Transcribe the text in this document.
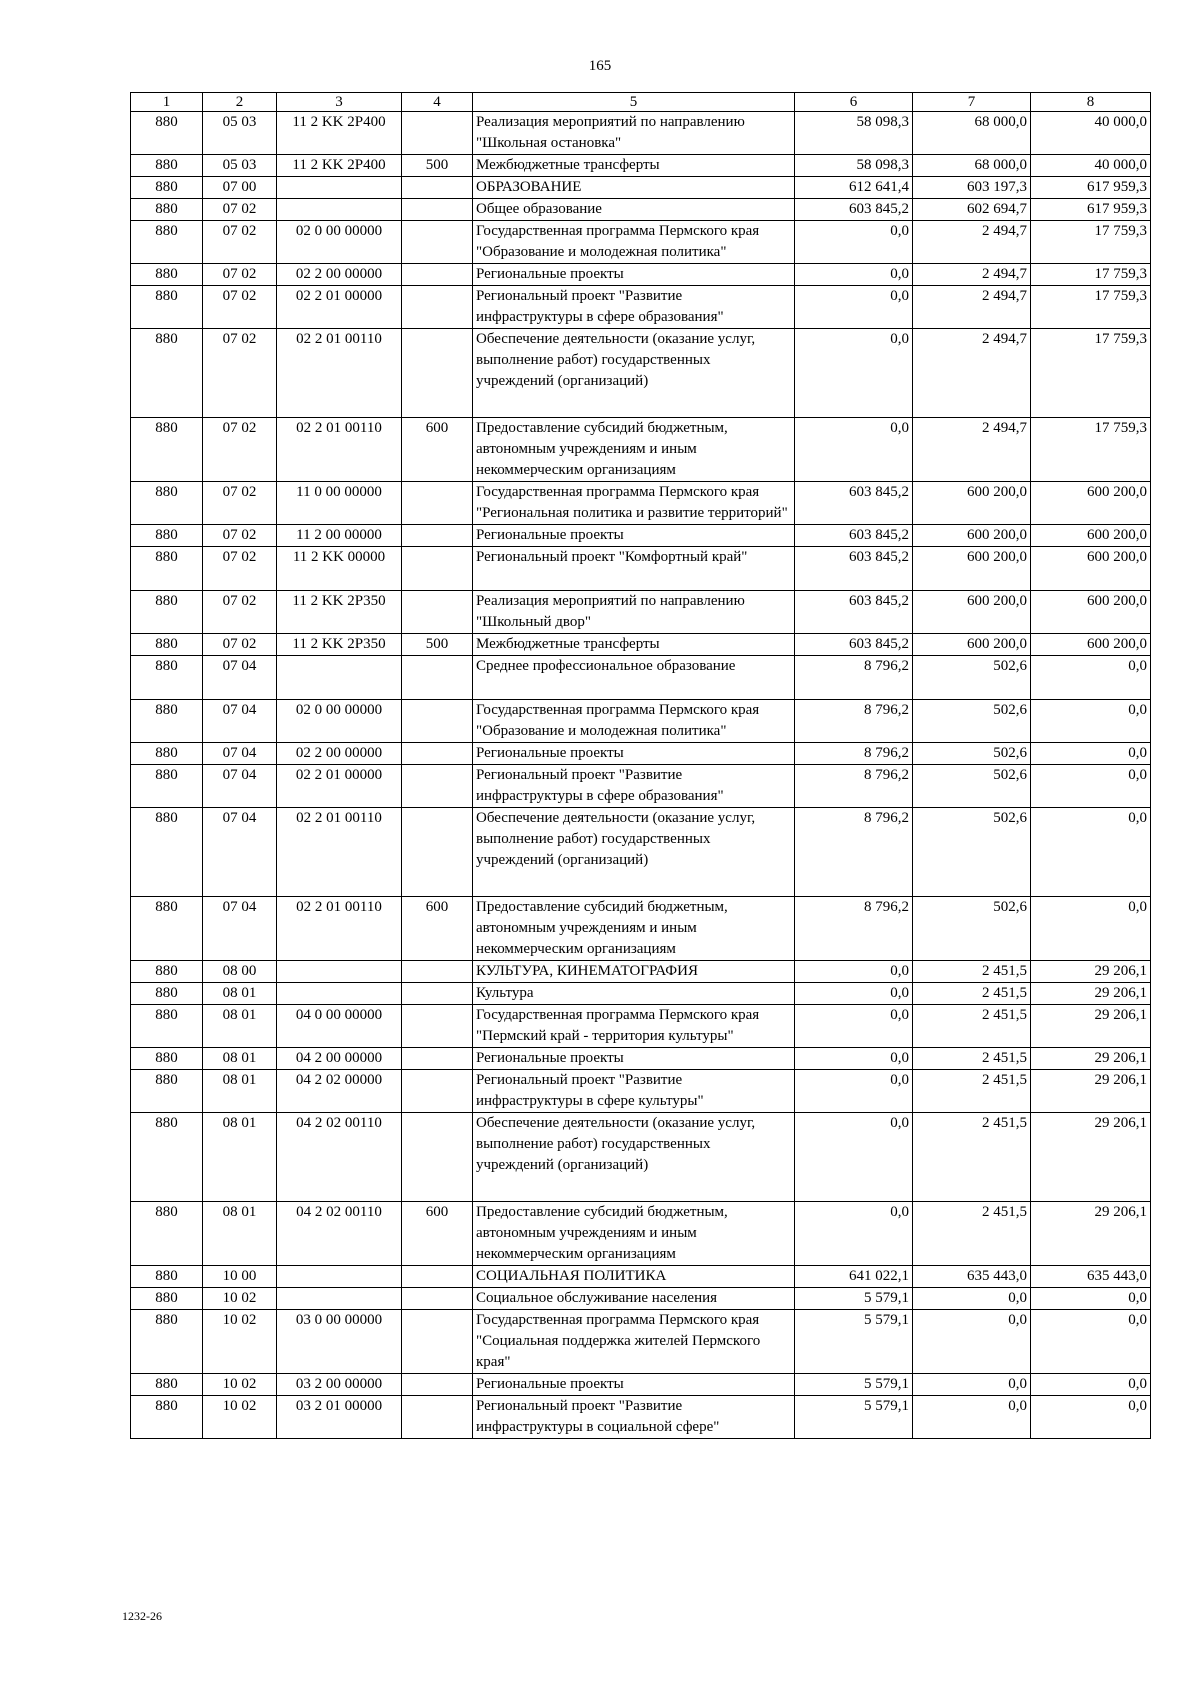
165
1	2	3	4	5	6	7	8
880	05 03	11 2 KK 2P400		Реализация мероприятий по направлению "Школьная остановка"	58 098,3	68 000,0	40 000,0
880	05 03	11 2 KK 2P400	500	Межбюджетные трансферты	58 098,3	68 000,0	40 000,0
880	07 00			ОБРАЗОВАНИЕ	612 641,4	603 197,3	617 959,3
880	07 02			Общее образование	603 845,2	602 694,7	617 959,3
880	07 02	02 0 00 00000		Государственная программа Пермского края "Образование и молодежная политика"	0,0	2 494,7	17 759,3
880	07 02	02 2 00 00000		Региональные проекты	0,0	2 494,7	17 759,3
880	07 02	02 2 01 00000		Региональный проект "Развитие инфраструктуры в сфере образования"	0,0	2 494,7	17 759,3
880	07 02	02 2 01 00110		Обеспечение деятельности (оказание услуг, выполнение работ) государственных учреждений (организаций)	0,0	2 494,7	17 759,3
880	07 02	02 2 01 00110	600	Предоставление субсидий бюджетным, автономным учреждениям и иным некоммерческим организациям	0,0	2 494,7	17 759,3
880	07 02	11 0 00 00000		Государственная программа Пермского края "Региональная политика и развитие территорий"	603 845,2	600 200,0	600 200,0
880	07 02	11 2 00 00000		Региональные проекты	603 845,2	600 200,0	600 200,0
880	07 02	11 2 KK 00000		Региональный проект "Комфортный край"	603 845,2	600 200,0	600 200,0
880	07 02	11 2 KK 2P350		Реализация мероприятий по направлению "Школьный двор"	603 845,2	600 200,0	600 200,0
880	07 02	11 2 KK 2P350	500	Межбюджетные трансферты	603 845,2	600 200,0	600 200,0
880	07 04			Среднее профессиональное образование	8 796,2	502,6	0,0
880	07 04	02 0 00 00000		Государственная программа Пермского края "Образование и молодежная политика"	8 796,2	502,6	0,0
880	07 04	02 2 00 00000		Региональные проекты	8 796,2	502,6	0,0
880	07 04	02 2 01 00000		Региональный проект "Развитие инфраструктуры в сфере образования"	8 796,2	502,6	0,0
880	07 04	02 2 01 00110		Обеспечение деятельности (оказание услуг, выполнение работ) государственных учреждений (организаций)	8 796,2	502,6	0,0
880	07 04	02 2 01 00110	600	Предоставление субсидий бюджетным, автономным учреждениям и иным некоммерческим организациям	8 796,2	502,6	0,0
880	08 00			КУЛЬТУРА, КИНЕМАТОГРАФИЯ	0,0	2 451,5	29 206,1
880	08 01			Культура	0,0	2 451,5	29 206,1
880	08 01	04 0 00 00000		Государственная программа Пермского края "Пермский край - территория культуры"	0,0	2 451,5	29 206,1
880	08 01	04 2 00 00000		Региональные проекты	0,0	2 451,5	29 206,1
880	08 01	04 2 02 00000		Региональный проект "Развитие инфраструктуры в сфере культуры"	0,0	2 451,5	29 206,1
880	08 01	04 2 02 00110		Обеспечение деятельности (оказание услуг, выполнение работ) государственных учреждений (организаций)	0,0	2 451,5	29 206,1
880	08 01	04 2 02 00110	600	Предоставление субсидий бюджетным, автономным учреждениям и иным некоммерческим организациям	0,0	2 451,5	29 206,1
880	10 00			СОЦИАЛЬНАЯ ПОЛИТИКА	641 022,1	635 443,0	635 443,0
880	10 02			Социальное обслуживание населения	5 579,1	0,0	0,0
880	10 02	03 0 00 00000		Государственная программа Пермского края "Социальная поддержка жителей Пермского края"	5 579,1	0,0	0,0
880	10 02	03 2 00 00000		Региональные проекты	5 579,1	0,0	0,0
880	10 02	03 2 01 00000		Региональный проект "Развитие инфраструктуры в социальной сфере"	5 579,1	0,0	0,0
1232-26
